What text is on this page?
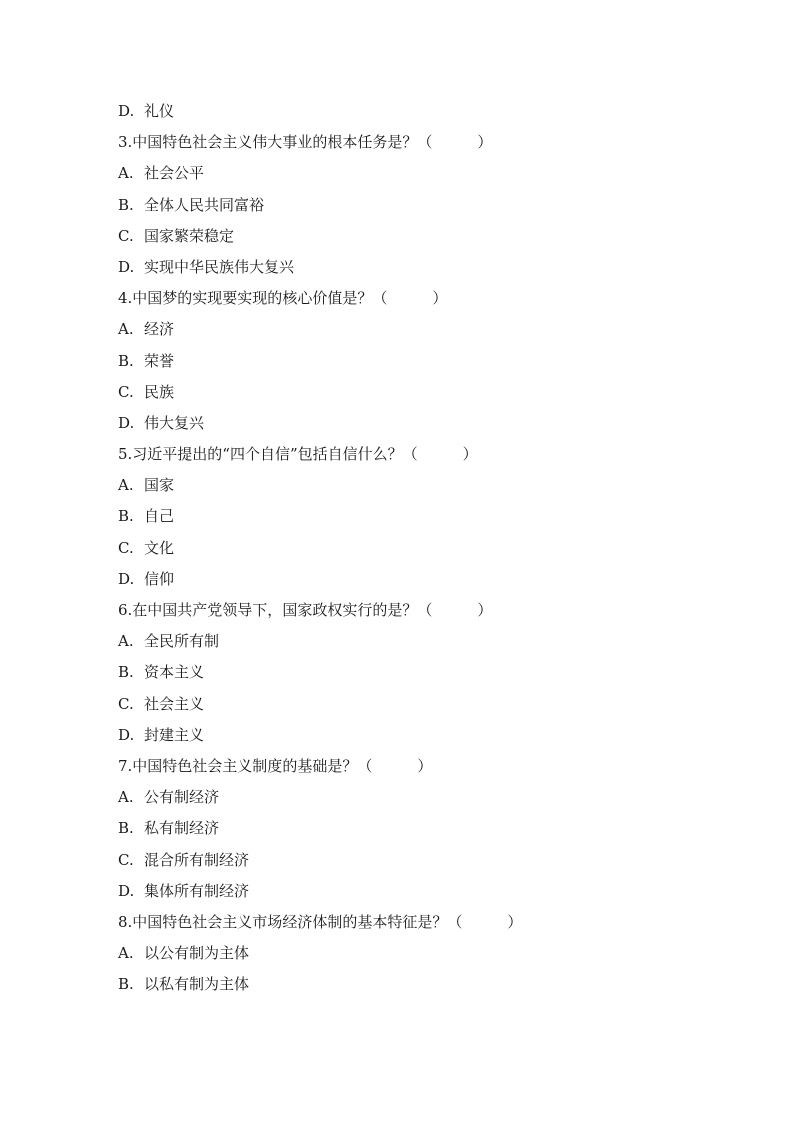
D. 礼仪
3.中国特色社会主义伟大事业的根本任务是？（　　　）
A. 社会公平
B. 全体人民共同富裕
C. 国家繁荣稳定
D. 实现中华民族伟大复兴
4.中国梦的实现要实现的核心价值是？（　　　）
A. 经济
B. 荣誉
C. 民族
D. 伟大复兴
5.习近平提出的“四个自信”包括自信什么？（　　　）
A. 国家
B. 自己
C. 文化
D. 信仰
6.在中国共产党领导下，国家政权实行的是？（　　　）
A. 全民所有制
B. 资本主义
C. 社会主义
D. 封建主义
7.中国特色社会主义制度的基础是？（　　　）
A. 公有制经济
B. 私有制经济
C. 混合所有制经济
D. 集体所有制经济
8.中国特色社会主义市场经济体制的基本特征是？（　　　）
A. 以公有制为主体
B. 以私有制为主体
